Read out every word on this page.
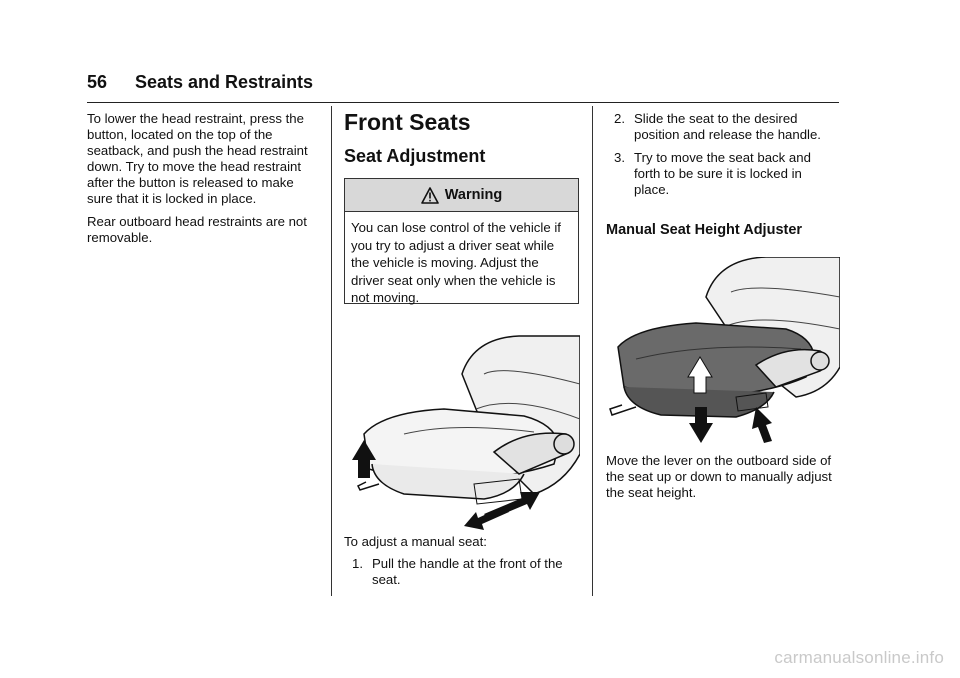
56 Seats and Restraints

To lower the head restraint, press the button, located on the top of the seatback, and push the head restraint down. Try to move the head restraint after the button is released to make sure that it is locked in place.

Rear outboard head restraints are not removable.

Front Seats
Seat Adjustment
Warning
You can lose control of the vehicle if you try to adjust a driver seat while the vehicle is moving. Adjust the driver seat only when the vehicle is not moving.
To adjust a manual seat:
1. Pull the handle at the front of the seat.
2. Slide the seat to the desired position and release the handle.
3. Try to move the seat back and forth to be sure it is locked in place.
Manual Seat Height Adjuster
Move the lever on the outboard side of the seat up or down to manually adjust the seat height.
carmanualsonline.info
